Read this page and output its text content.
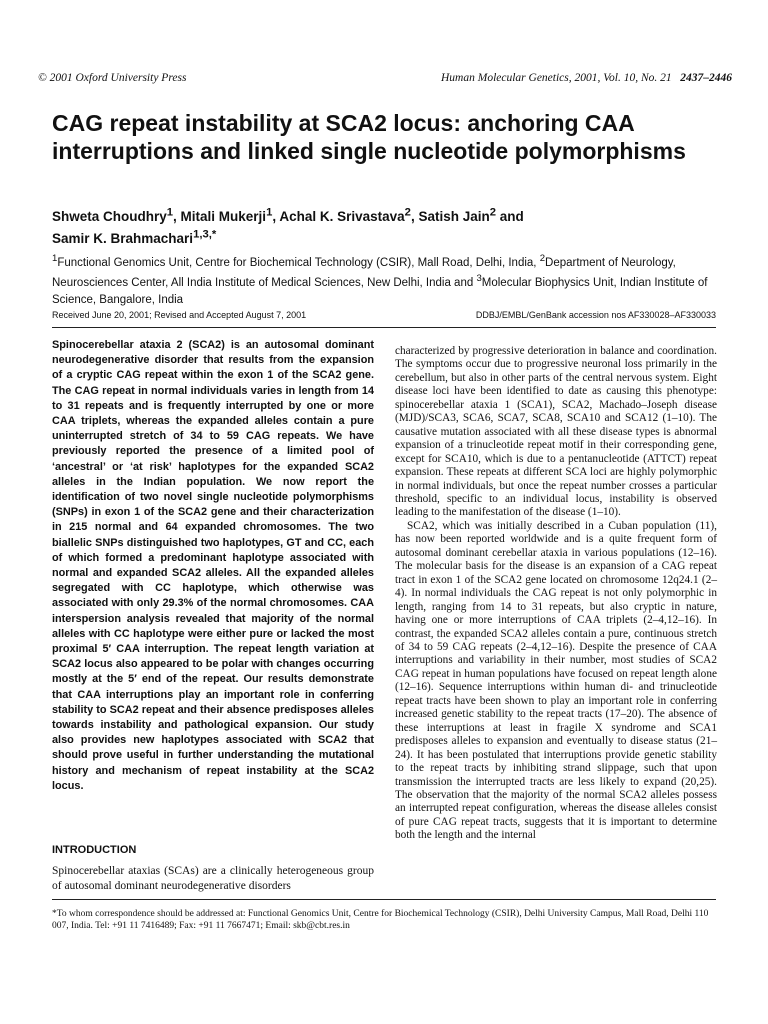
© 2001 Oxford University Press	Human Molecular Genetics, 2001, Vol. 10, No. 21 2437–2446
CAG repeat instability at SCA2 locus: anchoring CAA interruptions and linked single nucleotide polymorphisms
Shweta Choudhry$^1$, Mitali Mukerji$^1$, Achal K. Srivastava$^2$, Satish Jain$^2$ and
Samir K. Brahmachari$^{1,3,*}$
$^1$Functional Genomics Unit, Centre for Biochemical Technology (CSIR), Mall Road, Delhi, India, $^2$Department of Neurology, Neurosciences Center, All India Institute of Medical Sciences, New Delhi, India and $^3$Molecular Biophysics Unit, Indian Institute of Science, Bangalore, India
Received June 20, 2001; Revised and Accepted August 7, 2001	DDBJ/EMBL/GenBank accession nos AF330028–AF330033
Spinocerebellar ataxia 2 (SCA2) is an autosomal dominant neurodegenerative disorder that results from the expansion of a cryptic CAG repeat within the exon 1 of the SCA2 gene. The CAG repeat in normal individuals varies in length from 14 to 31 repeats and is frequently interrupted by one or more CAA triplets, whereas the expanded alleles contain a pure uninterrupted stretch of 34 to 59 CAG repeats. We have previously reported the presence of a limited pool of ‘ancestral’ or ‘at risk’ haplotypes for the expanded SCA2 alleles in the Indian population. We now report the identification of two novel single nucleotide polymorphisms (SNPs) in exon 1 of the SCA2 gene and their characterization in 215 normal and 64 expanded chromosomes. The two biallelic SNPs distinguished two haplotypes, GT and CC, each of which formed a predominant haplotype associated with normal and expanded SCA2 alleles. All the expanded alleles segregated with CC haplotype, which otherwise was associated with only 29.3% of the normal chromosomes. CAA interspersion analysis revealed that majority of the normal alleles with CC haplotype were either pure or lacked the most proximal 5′ CAA interruption. The repeat length variation at SCA2 locus also appeared to be polar with changes occurring mostly at the 5′ end of the repeat. Our results demonstrate that CAA interruptions play an important role in conferring stability to SCA2 repeat and their absence predisposes alleles towards instability and pathological expansion. Our study also provides new haplotypes associated with SCA2 that should prove useful in further understanding the mutational history and mechanism of repeat instability at the SCA2 locus.
INTRODUCTION
Spinocerebellar ataxias (SCAs) are a clinically heterogeneous group of autosomal dominant neurodegenerative disorders

characterized by progressive deterioration in balance and coordination. The symptoms occur due to progressive neuronal loss primarily in the cerebellum, but also in other parts of the central nervous system. Eight disease loci have been identified to date as causing this phenotype: spinocerebellar ataxia 1 (SCA1), SCA2, Machado–Joseph disease (MJD)/SCA3, SCA6, SCA7, SCA8, SCA10 and SCA12 (1–10). The causative mutation associated with all these disease types is abnormal expansion of a trinucleotide repeat motif in their corresponding gene, except for SCA10, which is due to a pentanucleotide (ATTCT) repeat expansion. These repeats at different SCA loci are highly polymorphic in normal individuals, but once the repeat number crosses a particular threshold, specific to an individual locus, instability is observed leading to the manifestation of the disease (1–10).

SCA2, which was initially described in a Cuban population (11), has now been reported worldwide and is a quite frequent form of autosomal dominant cerebellar ataxia in various populations (12–16). The molecular basis for the disease is an expansion of a CAG repeat tract in exon 1 of the SCA2 gene located on chromosome 12q24.1 (2–4). In normal individuals the CAG repeat is not only polymorphic in length, ranging from 14 to 31 repeats, but also cryptic in nature, having one or more interruptions of CAA triplets (2–4,12–16). In contrast, the expanded SCA2 alleles contain a pure, continuous stretch of 34 to 59 CAG repeats (2–4,12–16). Despite the presence of CAA interruptions and variability in their number, most studies of SCA2 CAG repeat in human populations have focused on repeat length alone (12–16). Sequence interruptions within human di- and trinucleotide repeat tracts have been shown to play an important role in conferring increased genetic stability to the repeat tracts (17–20). The absence of these interruptions at least in fragile X syndrome and SCA1 predisposes alleles to expansion and eventually to disease status (21–24). It has been postulated that interruptions provide genetic stability to the repeat tracts by inhibiting strand slippage, such that upon transmission the interrupted tracts are less likely to expand (20,25). The observation that the majority of the normal SCA2 alleles possess an interrupted repeat configuration, whereas the disease alleles consist of pure CAG repeat tracts, suggests that it is important to determine both the length and the internal

*To whom correspondence should be addressed at: Functional Genomics Unit, Centre for Biochemical Technology (CSIR), Delhi University Campus, Mall Road, Delhi 110 007, India. Tel: +91 11 7416489; Fax: +91 11 7667471; Email: skb@cbt.res.in
